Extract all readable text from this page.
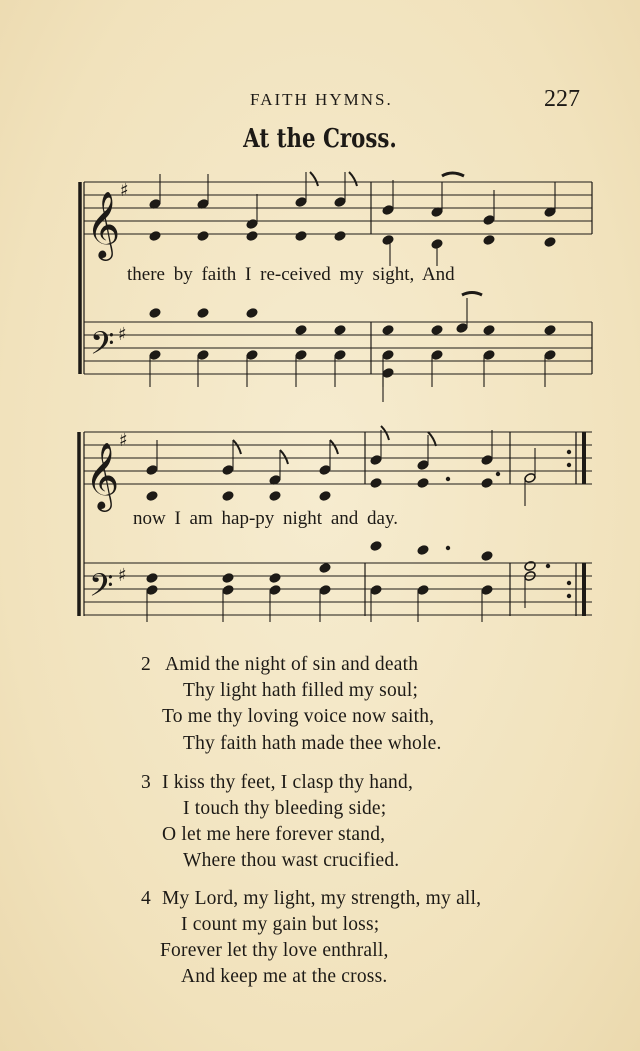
FAITH HYMNS.	227
At the Cross.
𝄞
𝄢
♯
♯
𝄞
𝄢
♯
♯
there by faith I re-ceived my sight, And
now I am hap-py night and day.
2 Amid the night of sin and death
Thy light hath filled my soul;
To me thy loving voice now saith,
Thy faith hath made thee whole.
3 I kiss thy feet, I clasp thy hand,
I touch thy bleeding side;
O let me here forever stand,
Where thou wast crucified.
4 My Lord, my light, my strength, my all,
I count my gain but loss;
Forever let thy love enthrall,
And keep me at the cross.
